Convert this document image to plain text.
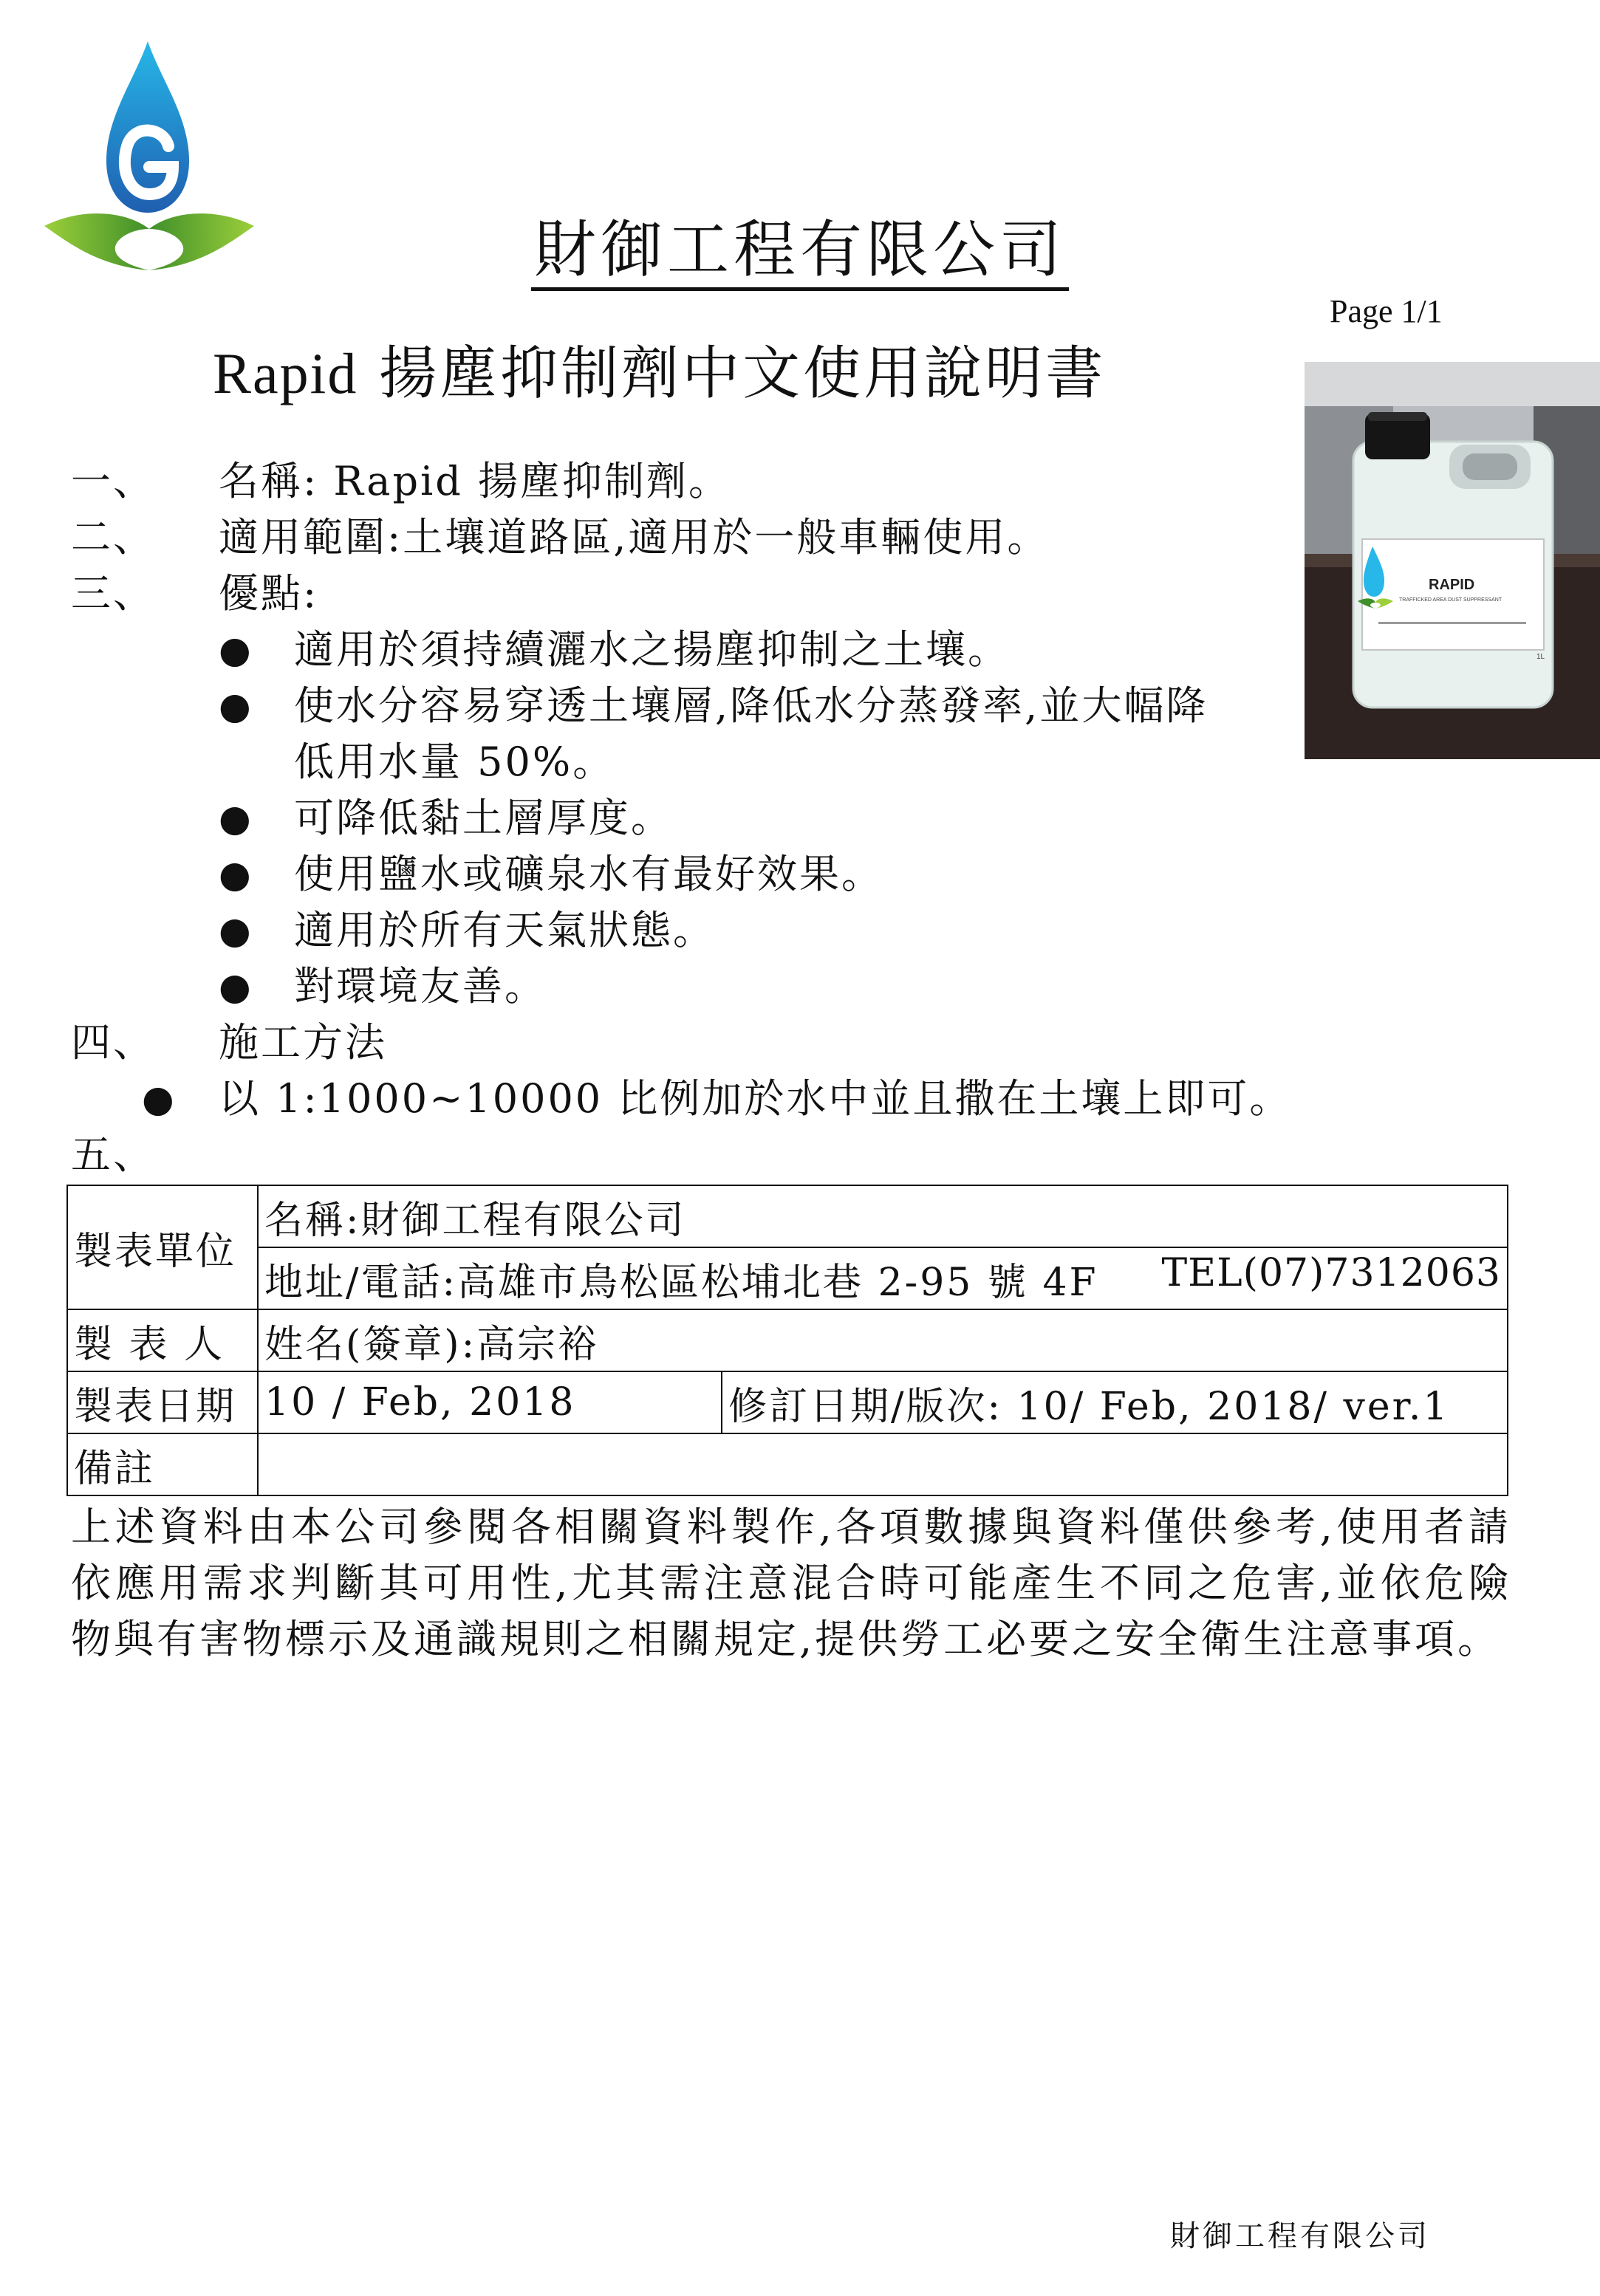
財御工程有限公司
Page 1/1
Rapid 揚塵抑制劑中文使用說明書
RAPID
TRAFFICKED AREA DUST SUPPRESSANT
1L
一、 名稱: Rapid 揚塵抑制劑。
二、 適用範圍:土壤道路區,適用於一般車輛使用。
三、 優點:
● 適用於須持續灑水之揚塵抑制之土壤。
● 使水分容易穿透土壤層,降低水分蒸發率,並大幅降
低用水量 50%。
● 可降低黏土層厚度。
● 使用鹽水或礦泉水有最好效果。
● 適用於所有天氣狀態。
● 對環境友善。
四、 施工方法
● 以 1:1000~10000 比例加於水中並且撒在土壤上即可。
五、
製表單位	名稱:財御工程有限公司	
	地址/電話:高雄市鳥松區松埔北巷 2-95 號 4F TEL(07)7312063	

製 表 人	姓名(簽章):高宗裕	
製表日期	10 / Feb, 2018	修訂日期/版次: 10/ Feb, 2018/ ver.1
備註		
上述資料由本公司參閱各相關資料製作,各項數據與資料僅供參考,使用者請依應用需求判斷其可用性,尤其需注意混合時可能產生不同之危害,並依危險物與有害物標示及通識規則之相關規定,提供勞工必要之安全衛生注意事項。
財御工程有限公司
